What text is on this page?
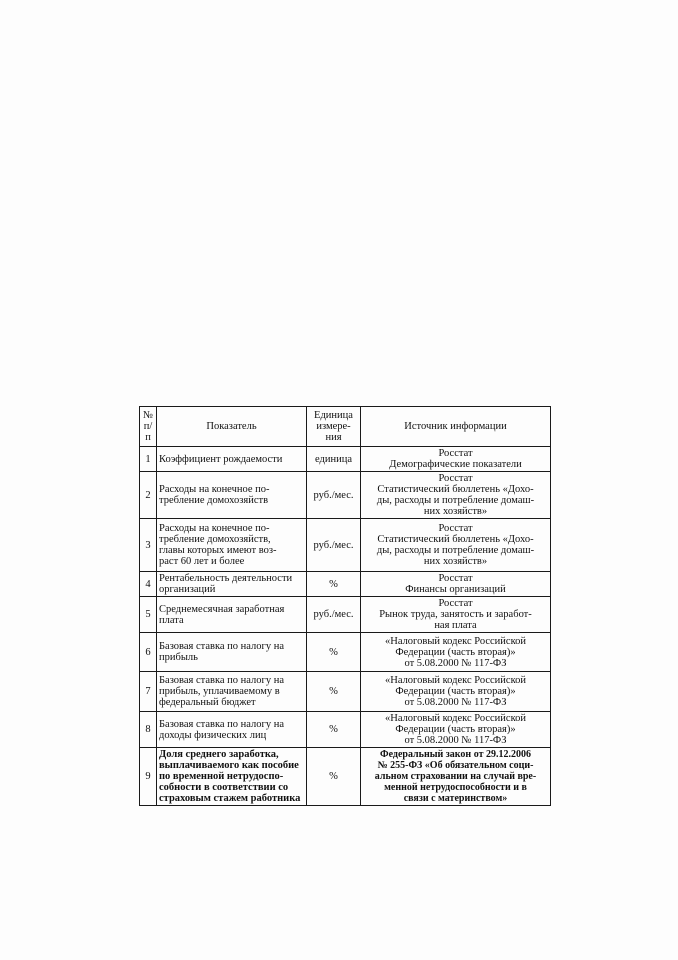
№ п/п	Показатель	Единица измере-ния	Источник информации
1	Коэффициент рождаемости	единица	Росстат
Демографические показатели
2	Расходы на конечное по-
требление домохозяйств	руб./мес.	Росстат
Статистический бюллетень «Дохо-
ды, расходы и потребление домаш-
них хозяйств»
3	Расходы на конечное по-
требление домохозяйств,
главы которых имеют воз-
раст 60 лет и более	руб./мес.	Росстат
Статистический бюллетень «Дохо-
ды, расходы и потребление домаш-
них хозяйств»
4	Рентабельность деятельности
организаций	%	Росстат
Финансы организаций
5	Среднемесячная заработная
плата	руб./мес.	Росстат
Рынок труда, занятость и заработ-
ная плата
6	Базовая ставка по налогу на
прибыль	%	«Налоговый кодекс Российской
Федерации (часть вторая)»
от 5.08.2000 № 117-ФЗ
7	Базовая ставка по налогу на
прибыль, уплачиваемому в
федеральный бюджет	%	«Налоговый кодекс Российской
Федерации (часть вторая)»
от 5.08.2000 № 117-ФЗ
8	Базовая ставка по налогу на
доходы физических лиц	%	«Налоговый кодекс Российской
Федерации (часть вторая)»
от 5.08.2000 № 117-ФЗ
9	Доля среднего заработка,
выплачиваемого как пособие
по временной нетрудоспо-
собности в соответствии со
страховым стажем работника	%	Федеральный закон от 29.12.2006
№ 255-ФЗ «Об обязательном соци-
альном страховании на случай вре-
менной нетрудоспособности и в
связи с материнством»
